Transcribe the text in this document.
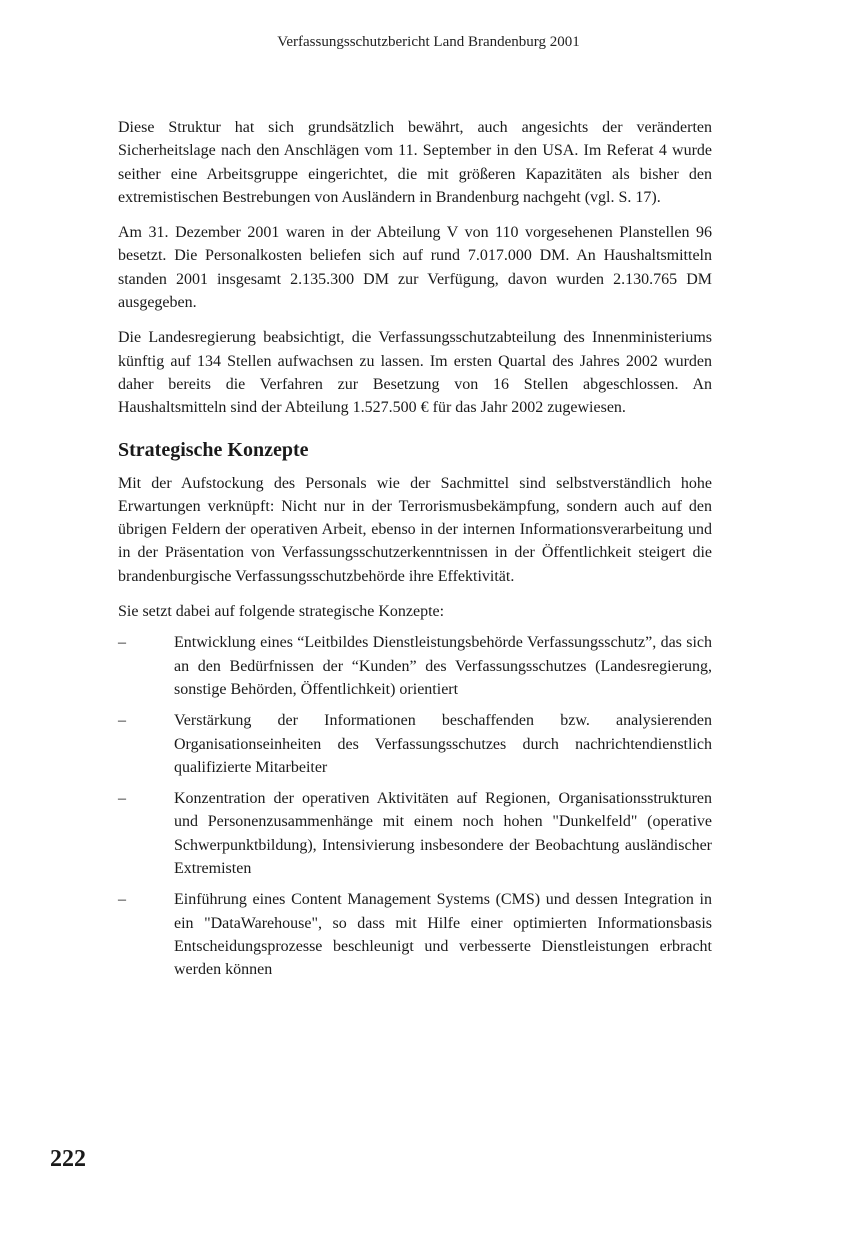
Verfassungsschutzbericht Land Brandenburg 2001

Diese Struktur hat sich grundsätzlich bewährt, auch angesichts der veränderten Sicherheitslage nach den Anschlägen vom 11. September in den USA. Im Referat 4 wurde seither eine Arbeitsgruppe eingerichtet, die mit größeren Kapazitäten als bisher den extremistischen Bestrebungen von Ausländern in Brandenburg nachgeht (vgl. S. 17).

Am 31. Dezember 2001 waren in der Abteilung V von 110 vorgesehenen Planstellen 96 besetzt. Die Personalkosten beliefen sich auf rund 7.017.000 DM. An Haushaltsmitteln standen 2001 insgesamt 2.135.300 DM zur Verfügung, davon wurden 2.130.765 DM ausgegeben.

Die Landesregierung beabsichtigt, die Verfassungsschutzabteilung des Innenministeriums künftig auf 134 Stellen aufwachsen zu lassen. Im ersten Quartal des Jahres 2002 wurden daher bereits die Verfahren zur Besetzung von 16 Stellen abgeschlossen. An Haushaltsmitteln sind der Abteilung 1.527.500 € für das Jahr 2002 zugewiesen.

Strategische Konzepte

Mit der Aufstockung des Personals wie der Sachmittel sind selbstverständlich hohe Erwartungen verknüpft: Nicht nur in der Terrorismusbekämpfung, sondern auch auf den übrigen Feldern der operativen Arbeit, ebenso in der internen Informationsverarbeitung und in der Präsentation von Verfassungsschutzerkenntnissen in der Öffentlichkeit steigert die brandenburgische Verfassungsschutzbehörde ihre Effektivität.

Sie setzt dabei auf folgende strategische Konzepte:

–	Entwicklung eines “Leitbildes Dienstleistungsbehörde Verfassungsschutz”, das sich an den Bedürfnissen der “Kunden” des Verfassungsschutzes (Landesregierung, sonstige Behörden, Öffentlichkeit) orientiert
–	Verstärkung der Informationen beschaffenden bzw. analysierenden Organisationseinheiten des Verfassungsschutzes durch nachrichtendienstlich qualifizierte Mitarbeiter
–	Konzentration der operativen Aktivitäten auf Regionen, Organisationsstrukturen und Personenzusammenhänge mit einem noch hohen "Dunkelfeld" (operative Schwerpunktbildung), Intensivierung insbesondere der Beobachtung ausländischer Extremisten
–	Einführung eines Content Management Systems (CMS) und dessen Integration in ein "DataWarehouse", so dass mit Hilfe einer optimierten Informationsbasis Entscheidungsprozesse beschleunigt und verbesserte Dienstleistungen erbracht werden können
222
